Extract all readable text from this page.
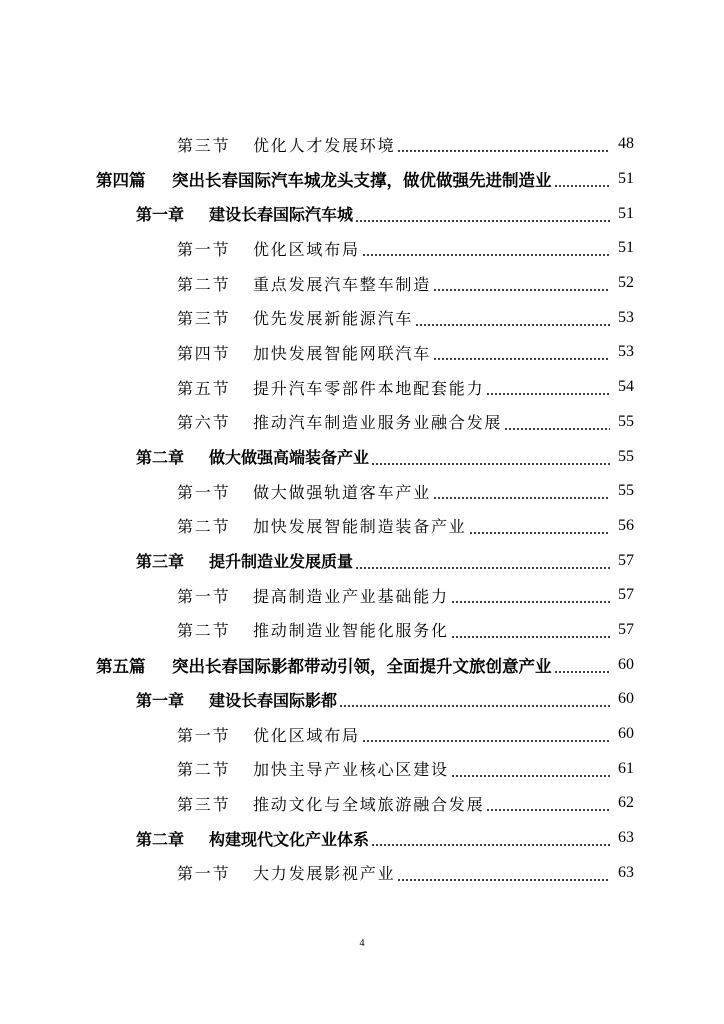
第三节 优化人才发展环境	48
第四篇 突出长春国际汽车城龙头支撑，做优做强先进制造业	51
第一章 建设长春国际汽车城	51
第一节 优化区域布局	51
第二节 重点发展汽车整车制造	52
第三节 优先发展新能源汽车	53
第四节 加快发展智能网联汽车	53
第五节 提升汽车零部件本地配套能力	54
第六节 推动汽车制造业服务业融合发展	55
第二章 做大做强高端装备产业	55
第一节 做大做强轨道客车产业	55
第二节 加快发展智能制造装备产业	56
第三章 提升制造业发展质量	57
第一节 提高制造业产业基础能力	57
第二节 推动制造业智能化服务化	57
第五篇 突出长春国际影都带动引领，全面提升文旅创意产业	60
第一章 建设长春国际影都	60
第一节 优化区域布局	60
第二节 加快主导产业核心区建设	61
第三节 推动文化与全域旅游融合发展	62
第二章 构建现代文化产业体系	63
第一节 大力发展影视产业	63
4
